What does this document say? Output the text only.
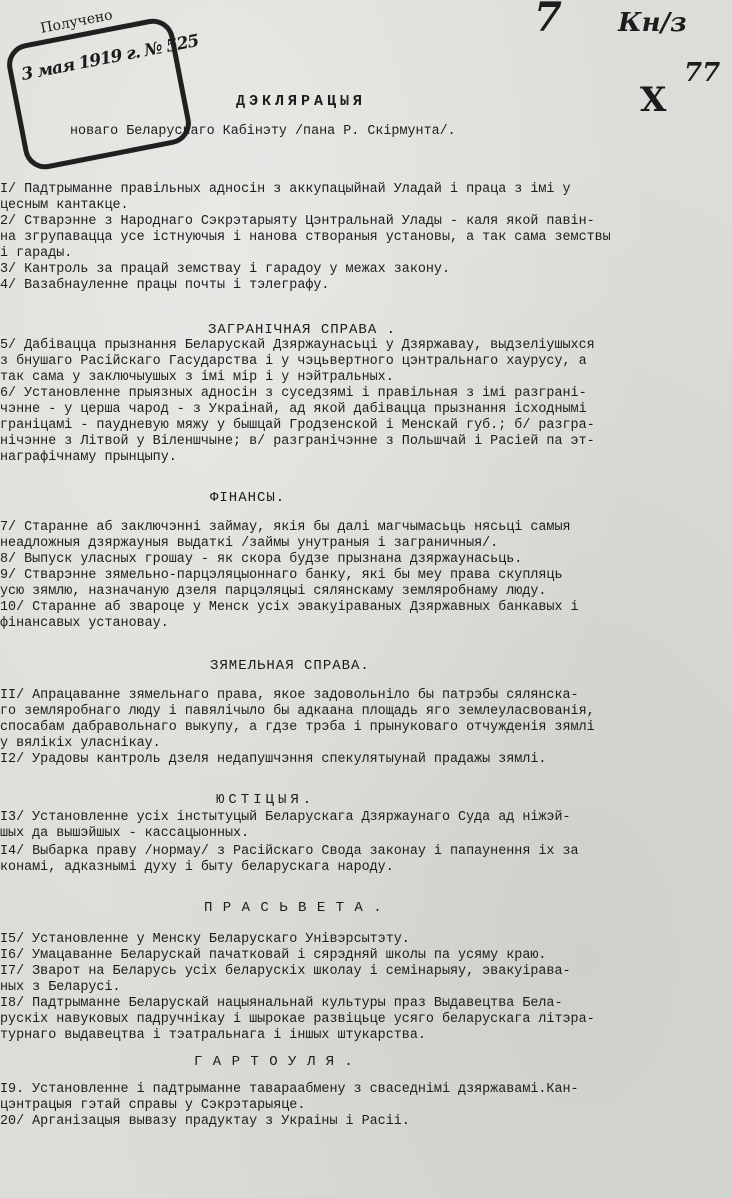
Получено
3 мая 1919 г. № 525
7 Кн/з
77
X
ДЭКЛЯРАЦЫЯ
новаго Беларускаго Кабiнэту /пана Р. Скiрмунта/.
I/ Падтрыманне правiльных адносiн з аккупацыйнай Уладай i праца з iмi у
цесным кантакце.
2/ Стварэнне з Народнаго Сэкрэтарыяту Цэнтральнай Улады - каля якой павiн-
на згрупавацца усе iстнуючыя i нанова створаныя установы, а так сама земствы
i гарады.
3/ Кантроль за працай земствау i гарадоу у межах закону.
4/ Вазабнауленне працы почты i тэлеграфу.
ЗАГРАНIЧНАЯ СПРАВА .
5/ Дабiвацца прызнання Беларускай Дзяржаунасьцi у Дзяржавау, выдзелiушыхся
з бнушаго Расiйскаго Гасударства i у чэцьвертного цэнтральнаго хаурусу, а
так сама у заключыушых з iмi мiр i у нэйтральных.
6/ Установленне прыязных адносiн з суседзямi i правiльная з iмi разгранi-
чэнне - у церша чарод - з Украiнай, ад якой дабiвацца прызнання iсходнымi
граніцамі - паудневую мяжу у бышцай Гродзенской i Менскай губ.; б/ разгра-
нiчэнне з Лiтвой у Вiленшчыне; в/ разгранiчэнне з Польшчай i Расiей па эт-
награфiчнаму прынцыпу.
ФIНАНСЫ.
7/ Старанне аб заключэннi займау, якiя бы далi магчымасьць нясьцi самыя
неадложныя дзяржауныя выдаткi /займы унутраныя i заграничныя/.
8/ Выпуск уласных грошау - як скора будзе прызнана дзяржаунасьць.
9/ Стварэнне зямельно-парцэляцыоннаго банку, якi бы меу права скупляць
усю зямлю, назначаную дзеля парцэляцыi сялянскаму земляробнаму люду.
10/ Старанне аб звароце у Менск усiх эвакуiраваных Дзяржавных банкавых i
фiнансавых установау.
ЗЯМЕЛЬНАЯ СПРАВА.
II/ Апрацаванне зямельнаго права, якое задовольнiло бы патрэбы сялянска-
го земляробнаго люду i павялiчыло бы адкаана площадь яго землеуласвованiя,
спосабам дабравольнаго выкупу, а гдзе трэба i прынуковаго отчужденiя зямлi
у вялiкiх уласнiкау.
I2/ Урадовы кантроль дзеля недапушчэння спекулятыунай прадажы зямлi.
ЮСТIЦЫЯ.
I3/ Установленне усiх iнстытуцый Беларускага Дзяржаунаго Суда ад нiжэй-
шых да вышэйшых - кассацыонных.
I4/ Выбарка праву /нормау/ з Расiйскаго Свода законау i папаунення iх за
конамi, адказнымi духу i быту беларускага народу.
П Р А С Ь В Е Т А .
I5/ Установленне у Менску Беларускаго Унiвэрсытэту.
I6/ Умацаванне Беларускай пачатковай i сярэдняй школы па усяму краю.
I7/ Зварот на Беларусь усiх беларускiх школау i семiнарыяу, эвакуiрава-
ных з Беларусi.
I8/ Падтрыманне Беларускай нацыянальнай культуры праз Выдавецтва Бела-
рускiх навуковых падручнiкау i шырокае развiцьце усяго беларускага лiтэра-
турнаго выдавецтва i тэатральнага i iншых штукарства.
Г А Р Т О У Л Я .
I9. Установленне i падтрыманне тавараабмену з сваседнiмi дзяржавамi.Кан-
цэнтрацыя гэтай справы у Сэкрэтарыяце.
20/ Арганiзацыя вывазу прадуктау з Украiны i Расii.
